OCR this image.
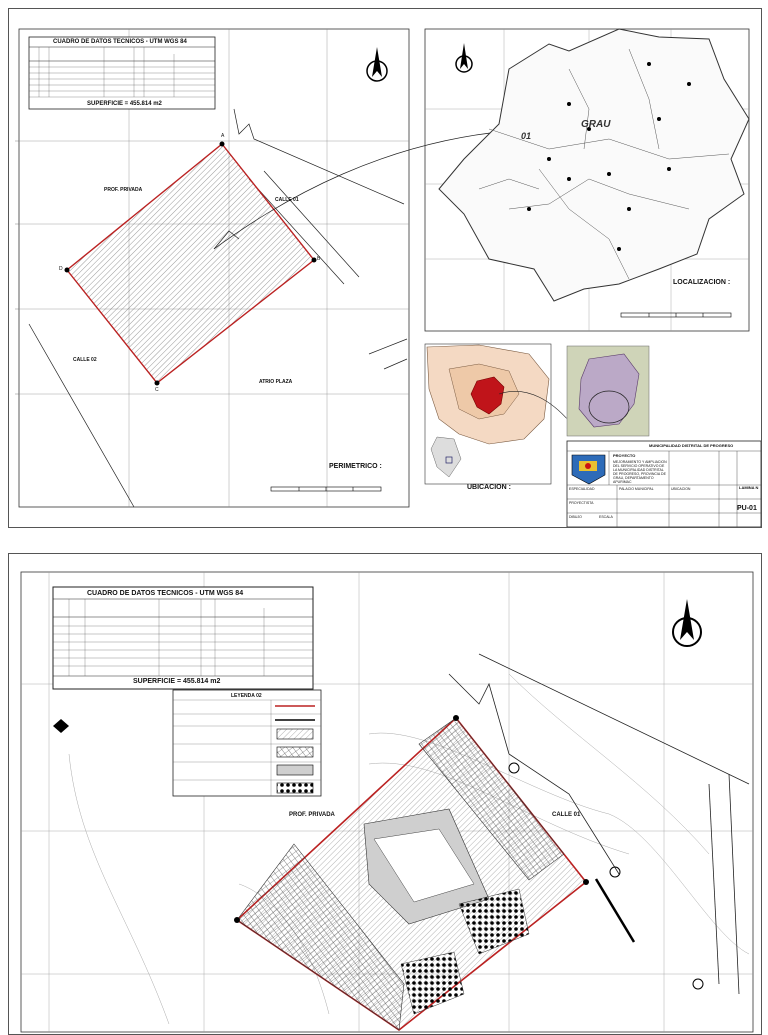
CUADRO DE DATOS TECNICOS - UTM WGS 84
SUPERFICIE = 455.814 m2
PROF. PRIVADA
CALLE 01
CALLE 02
ATRIO PLAZA
A
B
C
D
PERIMETRICO :
UBICACION :
LOCALIZACION :
GRAU
01
MUNICIPALIDAD DISTRITAL DE PROGRESO
PROYECTO
MEJORAMIENTO Y AMPLIACION DEL SERVICIO OPERATIVO DE LA MUNICIPALIDAD DISTRITAL DE PROGRESO, PROVINCIA DE GRAU, DEPARTAMENTO APURIMAC
ESPECIALIDAD	PALACIO MUNICIPAL	UBICACION
PROYECTISTA
DIBUJO	ESCALA
LAMINA N
PU-01
CUADRO DE DATOS TECNICOS - UTM WGS 84
SUPERFICIE = 455.814 m2
LEYENDA 02
PROF. PRIVADA	CALLE 01
